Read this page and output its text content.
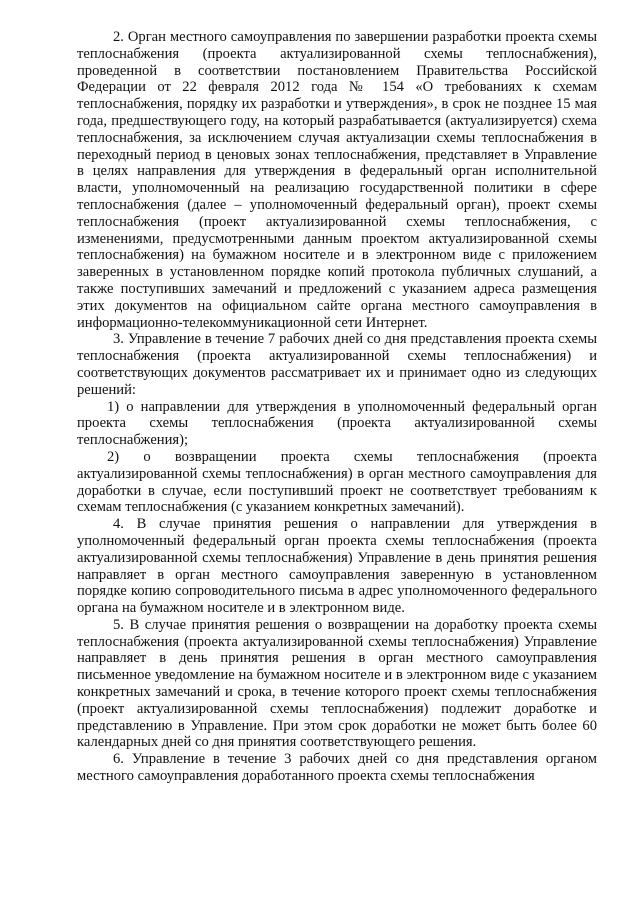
2. Орган местного самоуправления по завершении разработки проекта схемы теплоснабжения (проекта актуализированной схемы теплоснабжения), проведенной в соответствии постановлением Правительства Российской Федерации от 22 февраля 2012 года № 154 «О требованиях к схемам теплоснабжения, порядку их разработки и утверждения», в срок не позднее 15 мая года, предшествующего году, на который разрабатывается (актуализируется) схема теплоснабжения, за исключением случая актуализации схемы теплоснабжения в переходный период в ценовых зонах теплоснабжения, представляет в Управление в целях направления для утверждения в федеральный орган исполнительной власти, уполномоченный на реализацию государственной политики в сфере теплоснабжения (далее – уполномоченный федеральный орган), проект схемы теплоснабжения (проект актуализированной схемы теплоснабжения, с изменениями, предусмотренными данным проектом актуализированной схемы теплоснабжения) на бумажном носителе и в электронном виде с приложением заверенных в установленном порядке копий протокола публичных слушаний, а также поступивших замечаний и предложений с указанием адреса размещения этих документов на официальном сайте органа местного самоуправления в информационно-телекоммуникационной сети Интернет.

3. Управление в течение 7 рабочих дней со дня представления проекта схемы теплоснабжения (проекта актуализированной схемы теплоснабжения) и соответствующих документов рассматривает их и принимает одно из следующих решений:

1) о направлении для утверждения в уполномоченный федеральный орган проекта схемы теплоснабжения (проекта актуализированной схемы теплоснабжения);

2) о возвращении проекта схемы теплоснабжения (проекта актуализированной схемы теплоснабжения) в орган местного самоуправления для доработки в случае, если поступивший проект не соответствует требованиям к схемам теплоснабжения (с указанием конкретных замечаний).

4. В случае принятия решения о направлении для утверждения в уполномоченный федеральный орган проекта схемы теплоснабжения (проекта актуализированной схемы теплоснабжения) Управление в день принятия решения направляет в орган местного самоуправления заверенную в установленном порядке копию сопроводительного письма в адрес уполномоченного федерального органа на бумажном носителе и в электронном виде.

5. В случае принятия решения о возвращении на доработку проекта схемы теплоснабжения (проекта актуализированной схемы теплоснабжения) Управление направляет в день принятия решения в орган местного самоуправления письменное уведомление на бумажном носителе и в электронном виде с указанием конкретных замечаний и срока, в течение которого проект схемы теплоснабжения (проект актуализированной схемы теплоснабжения) подлежит доработке и представлению в Управление. При этом срок доработки не может быть более 60 календарных дней со дня принятия соответствующего решения.

6. Управление в течение 3 рабочих дней со дня представления органом местного самоуправления доработанного проекта схемы теплоснабжения
